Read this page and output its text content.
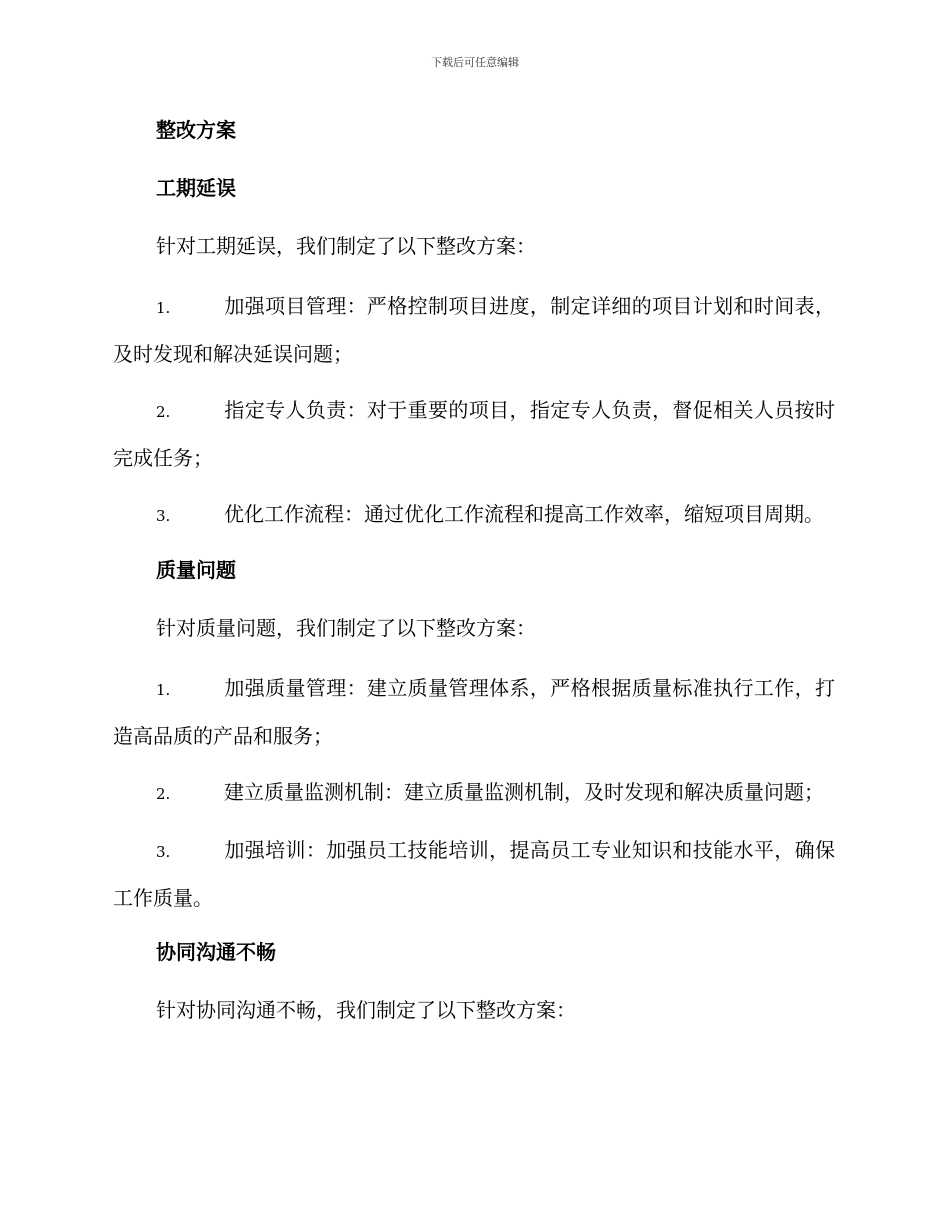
下载后可任意编辑
整改方案
工期延误
针对工期延误，我们制定了以下整改方案：
1.	加强项目管理：严格控制项目进度，制定详细的项目计划和时间表，及时发现和解决延误问题；
2.	指定专人负责：对于重要的项目，指定专人负责，督促相关人员按时完成任务；
3.	优化工作流程：通过优化工作流程和提高工作效率，缩短项目周期。
质量问题
针对质量问题，我们制定了以下整改方案：
1.	加强质量管理：建立质量管理体系，严格根据质量标准执行工作，打造高品质的产品和服务；
2.	建立质量监测机制：建立质量监测机制，及时发现和解决质量问题；
3.	加强培训：加强员工技能培训，提高员工专业知识和技能水平，确保工作质量。
协同沟通不畅
针对协同沟通不畅，我们制定了以下整改方案：
